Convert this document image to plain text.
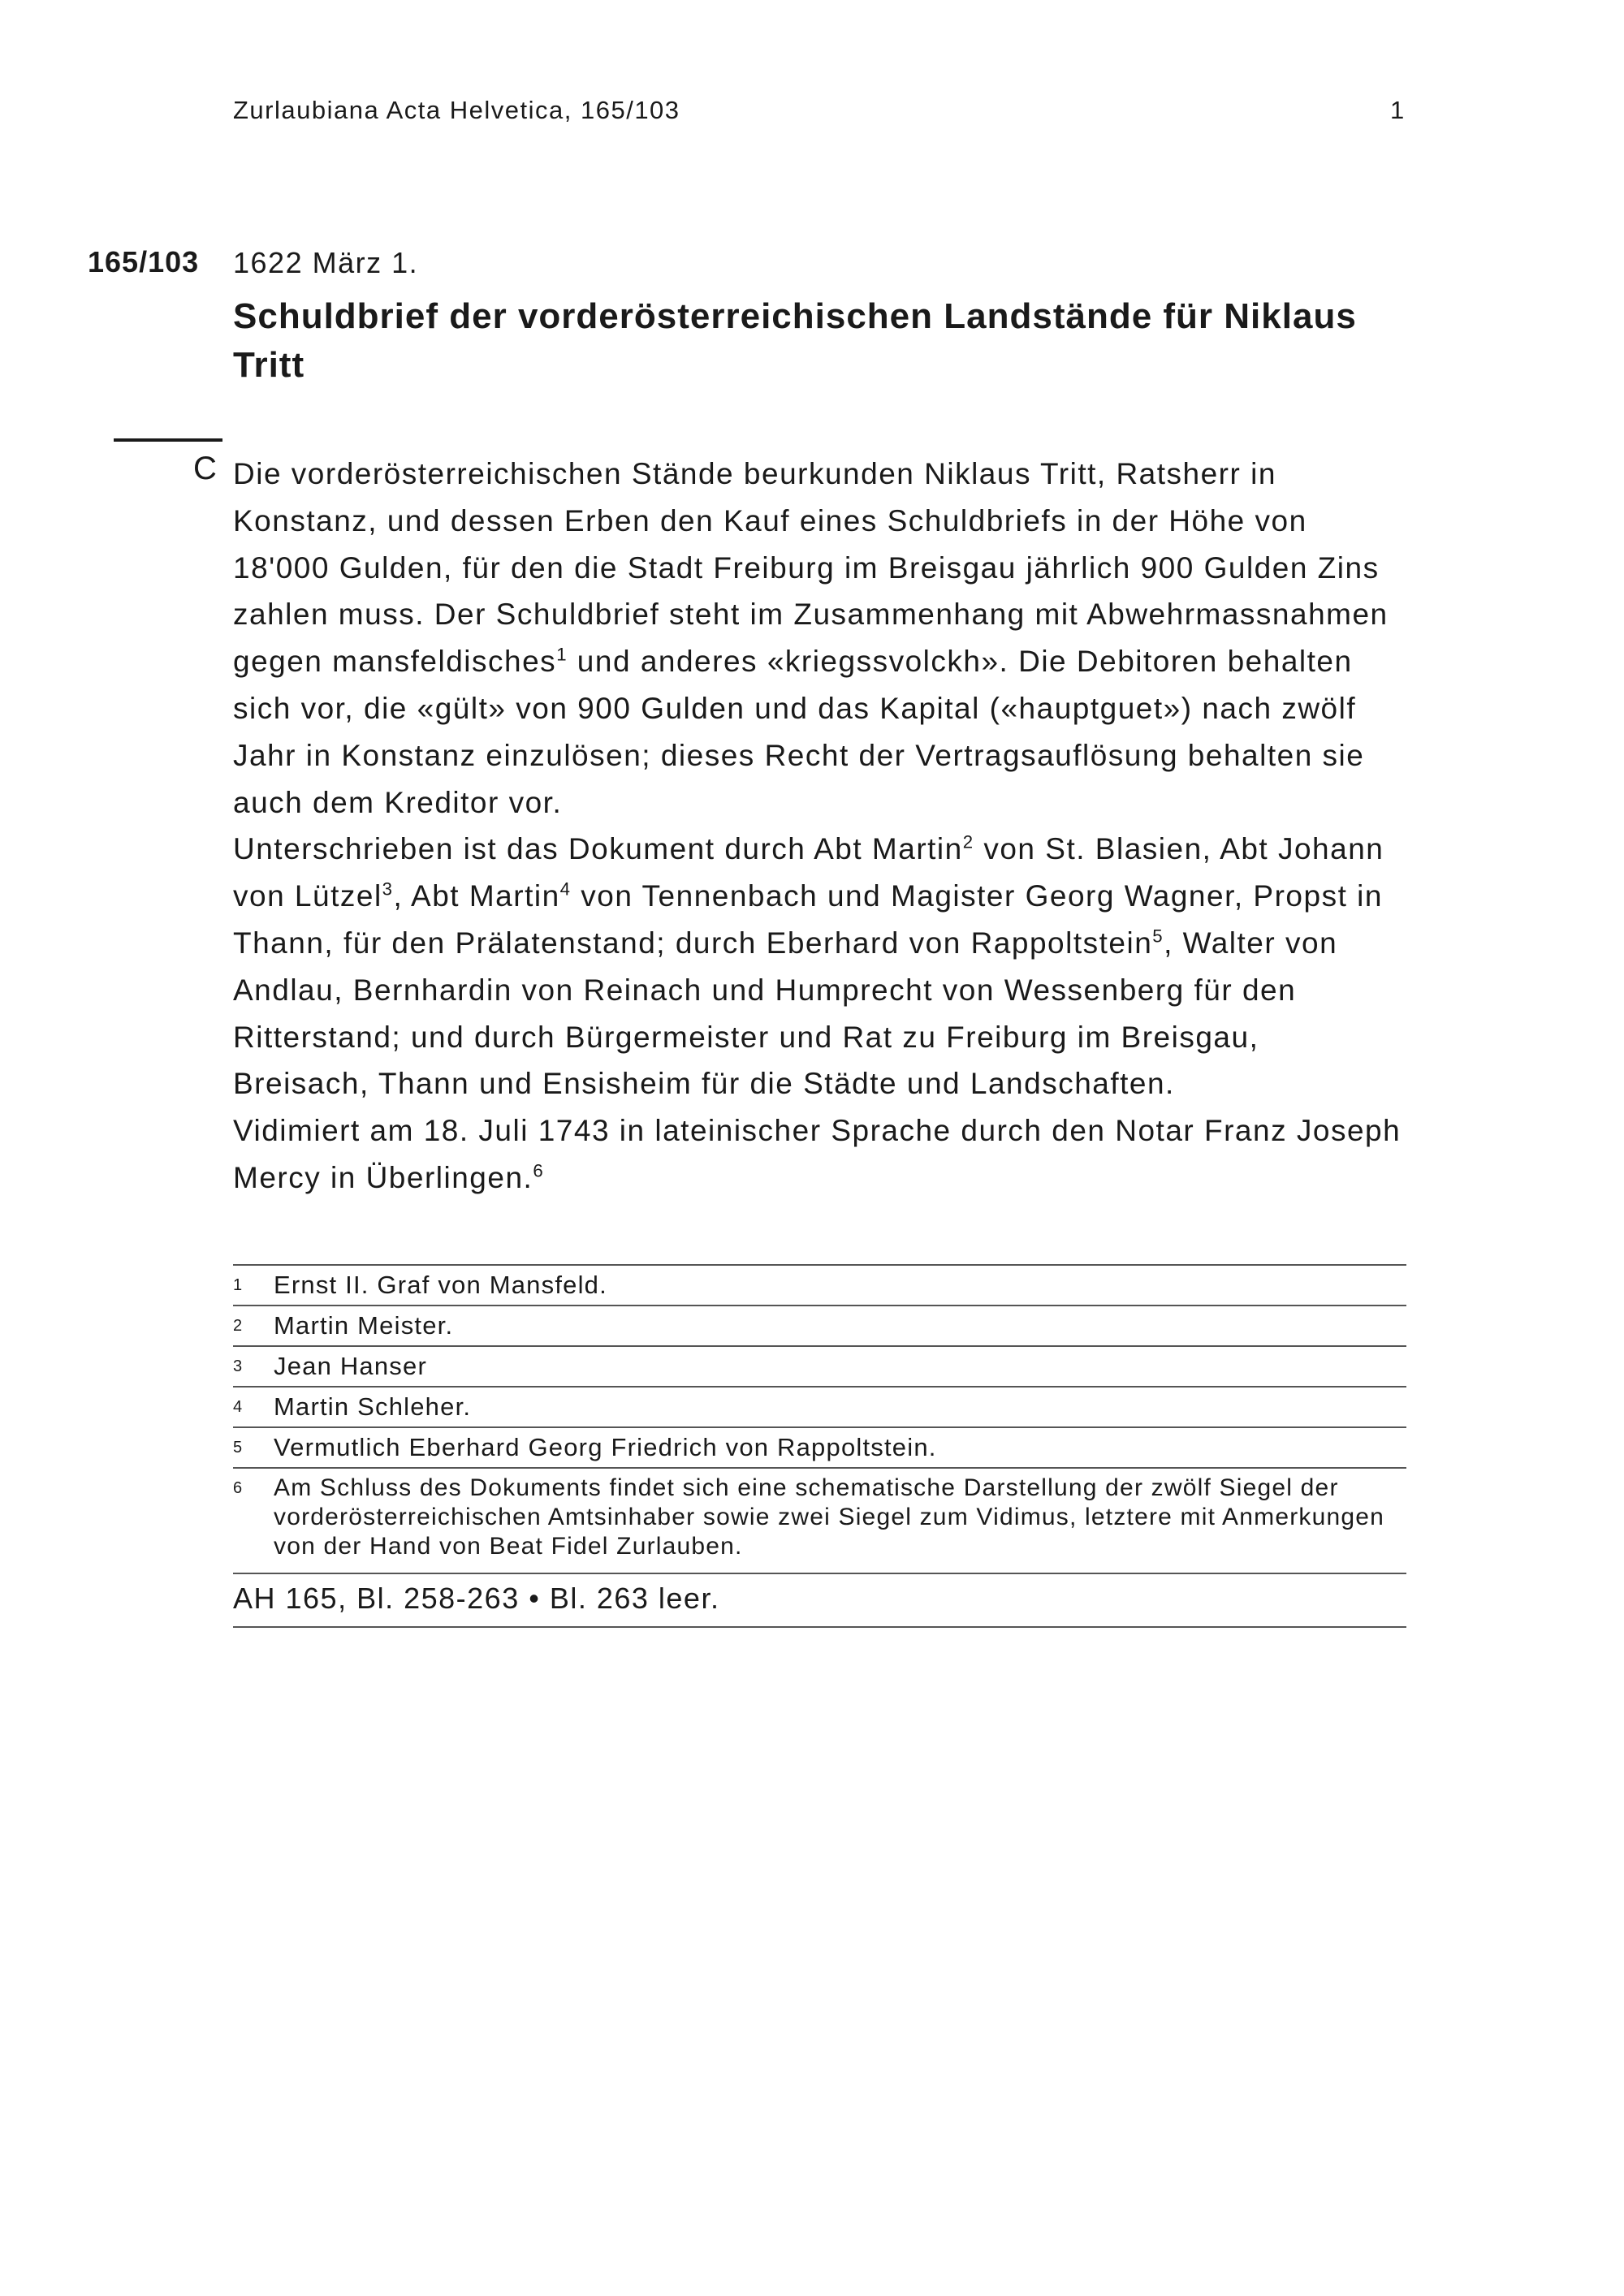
Zurlaubiana Acta Helvetica, 165/103	1
165/103 1622 März 1.
Schuldbrief der vorderösterreichischen Landstände für Niklaus Tritt
C Die vorderösterreichischen Stände beurkunden Niklaus Tritt, Ratsherr in Konstanz, und dessen Erben den Kauf eines Schuldbriefs in der Höhe von 18'000 Gulden, für den die Stadt Freiburg im Breisgau jährlich 900 Gulden Zins zahlen muss. Der Schuldbrief steht im Zusammenhang mit Abwehrmassnahmen gegen mansfeldisches$^1$ und anderes «kriegssvolckh». Die Debitoren behalten sich vor, die «gült» von 900 Gulden und das Kapital («hauptguet») nach zwölf Jahr in Konstanz einzulösen; dieses Recht der Vertragsauflösung behalten sie auch dem Kreditor vor.

Unterschrieben ist das Dokument durch Abt Martin$^2$ von St. Blasien, Abt Johann von Lützel$^3$, Abt Martin$^4$ von Tennenbach und Magister Georg Wagner, Propst in Thann, für den Prälatenstand; durch Eberhard von Rappoltstein$^5$, Walter von Andlau, Bernhardin von Reinach und Humprecht von Wessenberg für den Ritterstand; und durch Bürgermeister und Rat zu Freiburg im Breisgau, Breisach, Thann und Ensisheim für die Städte und Landschaften.

Vidimiert am 18. Juli 1743 in lateinischer Sprache durch den Notar Franz Joseph Mercy in Überlingen.$^6$

1 Ernst II. Graf von Mansfeld.
2 Martin Meister.
3 Jean Hanser
4 Martin Schleher.
5 Vermutlich Eberhard Georg Friedrich von Rappoltstein.
6 Am Schluss des Dokuments findet sich eine schematische Darstellung der zwölf Siegel der vorderösterreichischen Amtsinhaber sowie zwei Siegel zum Vidimus, letztere mit Anmerkungen von der Hand von Beat Fidel Zurlauben.
AH 165, Bl. 258-263 • Bl. 263 leer.
